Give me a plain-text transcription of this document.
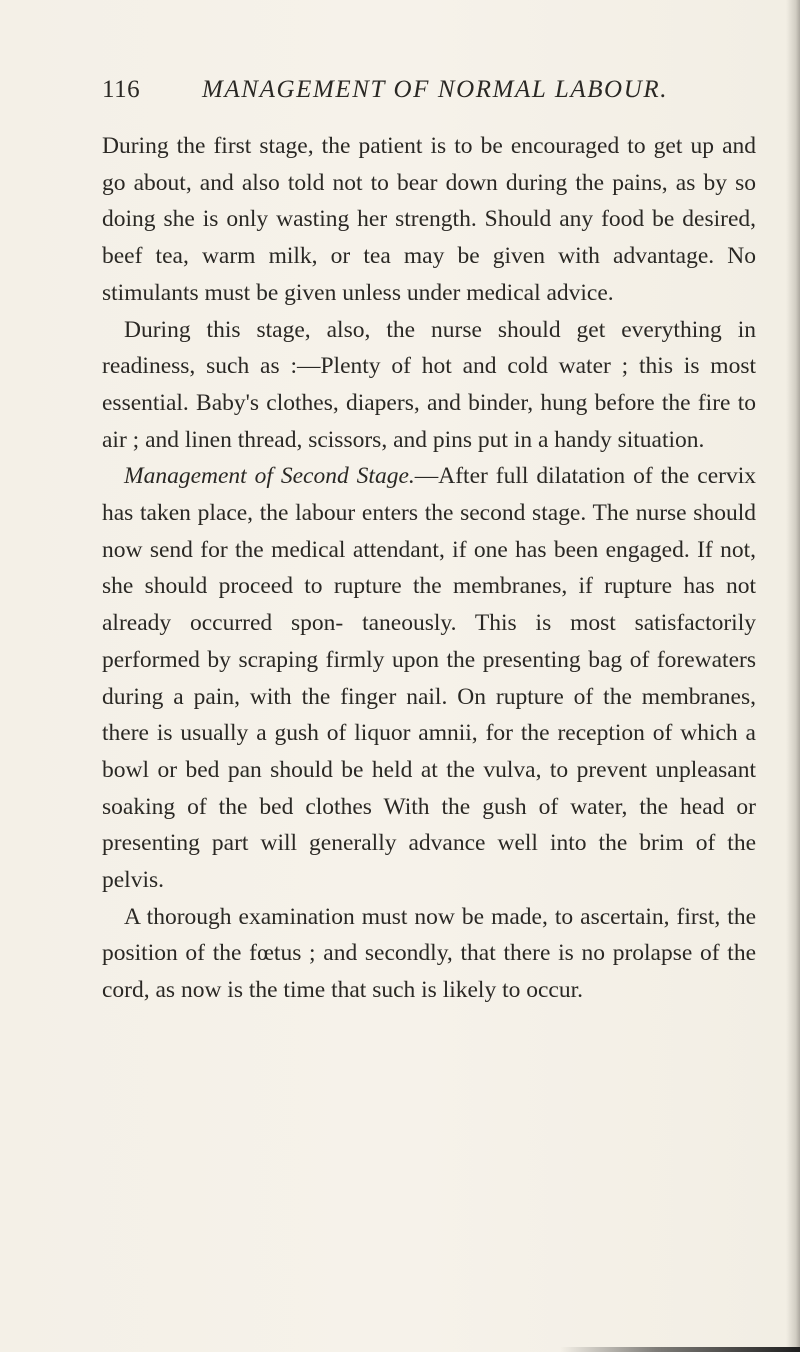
116 MANAGEMENT OF NORMAL LABOUR.

During the first stage, the patient is to be encouraged to get up and go about, and also told not to bear down during the pains, as by so doing she is only wasting her strength. Should any food be desired, beef tea, warm milk, or tea may be given with advantage. No stimulants must be given unless under medical advice.

During this stage, also, the nurse should get everything in readiness, such as :—Plenty of hot and cold water ; this is most essential. Baby's clothes, diapers, and binder, hung before the fire to air ; and linen thread, scissors, and pins put in a handy situation.

Management of Second Stage.—After full dilatation of the cervix has taken place, the labour enters the second stage. The nurse should now send for the medical attendant, if one has been engaged. If not, she should proceed to rupture the membranes, if rupture has not already occurred spon- taneously. This is most satisfactorily performed by scraping firmly upon the presenting bag of forewaters during a pain, with the finger nail. On rupture of the membranes, there is usually a gush of liquor amnii, for the reception of which a bowl or bed pan should be held at the vulva, to prevent unpleasant soaking of the bed clothes With the gush of water, the head or presenting part will generally advance well into the brim of the pelvis.

A thorough examination must now be made, to ascertain, first, the position of the fœtus ; and secondly, that there is no prolapse of the cord, as now is the time that such is likely to occur.
